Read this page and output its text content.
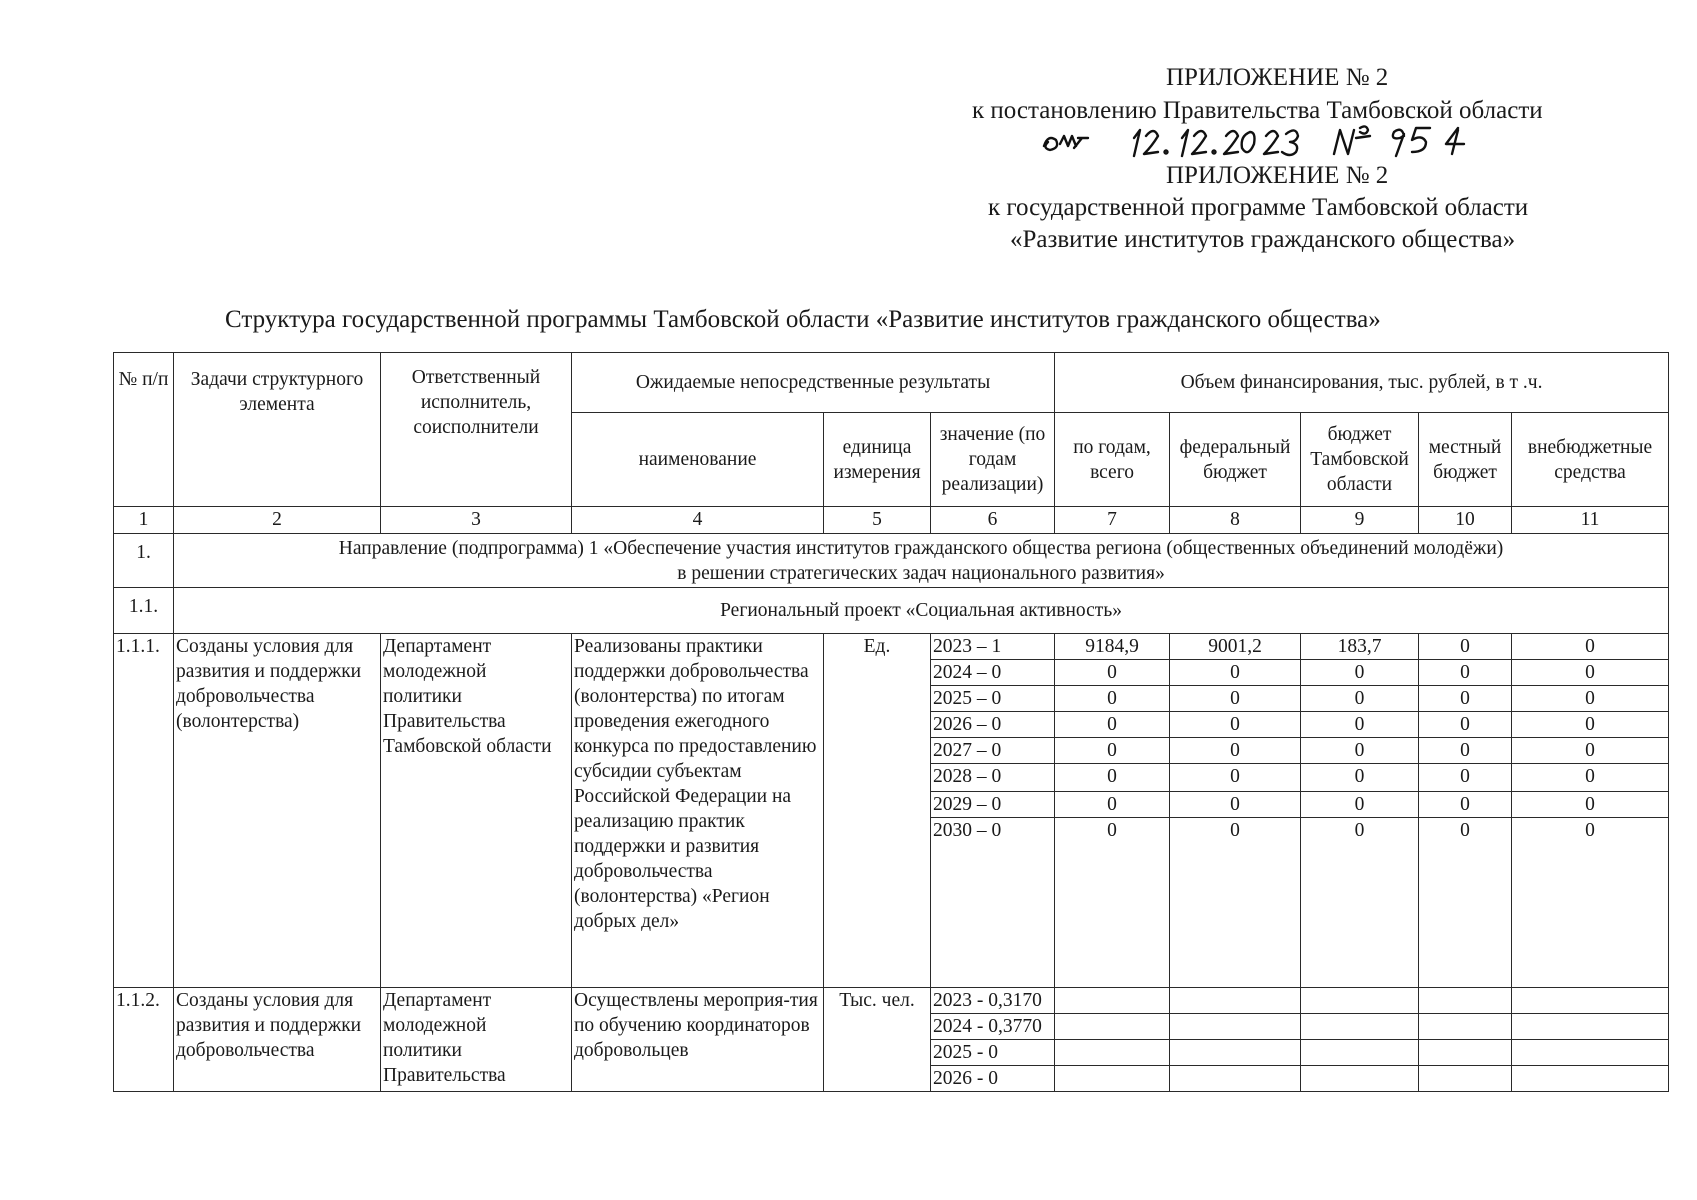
ПРИЛОЖЕНИЕ № 2
к постановлению Правительства Тамбовской области
ПРИЛОЖЕНИЕ № 2
к государственной программе Тамбовской области
«Развитие институтов гражданского общества»
Структура государственной программы Тамбовской области «Развитие институтов гражданского общества»
№ п/п	Задачи структурного элемента	Ответственный исполнитель, соисполнители	Ожидаемые непосредственные результаты			Объем финансирования, тыс. рублей, в т .ч.				
			наименование	единица измерения	значение (по годам реализации)	по годам, всего	федеральный бюджет	бюджет Тамбовской области	местный бюджет	внебюджетные средства
1	2	3	4	5	6	7	8	9	10	11
1.	Направление (подпрограмма) 1 «Обеспечение участия институтов гражданского общества региона (общественных объединений молодёжи)
в решении стратегических задач национального развития»									

1.1.	Региональный проект «Социальная активность»									
1.1.1.	Созданы условия для развития и поддержки добровольчества (волонтерства)	Департамент молодежной политики Правительства Тамбовской области	Реализованы практики поддержки добровольчества (волонтерства) по итогам проведения ежегодного конкурса по предоставлению субсидии субъектам Российской Федерации на реализацию практик поддержки и развития добровольчества (волонтерства) «Регион добрых дел»	Ед.	2023 – 1	9184,9	9001,2	183,7	0	0
					2024 – 0	0	0	0	0	0
					2025 – 0	0	0	0	0	0
					2026 – 0	0	0	0	0	0
					2027 – 0	0	0	0	0	0
					2028 – 0	0	0	0	0	0
					2029 – 0	0	0	0	0	0
					2030 – 0	0	0	0	0	0
1.1.2.	Созданы условия для развития и поддержки добровольчества	Департамент молодежной политики Правительства	Осуществлены мероприя-тия по обучению координаторов добровольцев	Тыс. чел.	2023 - 0,3170					
					2024 - 0,3770					
					2025 - 0					
					2026 - 0					
